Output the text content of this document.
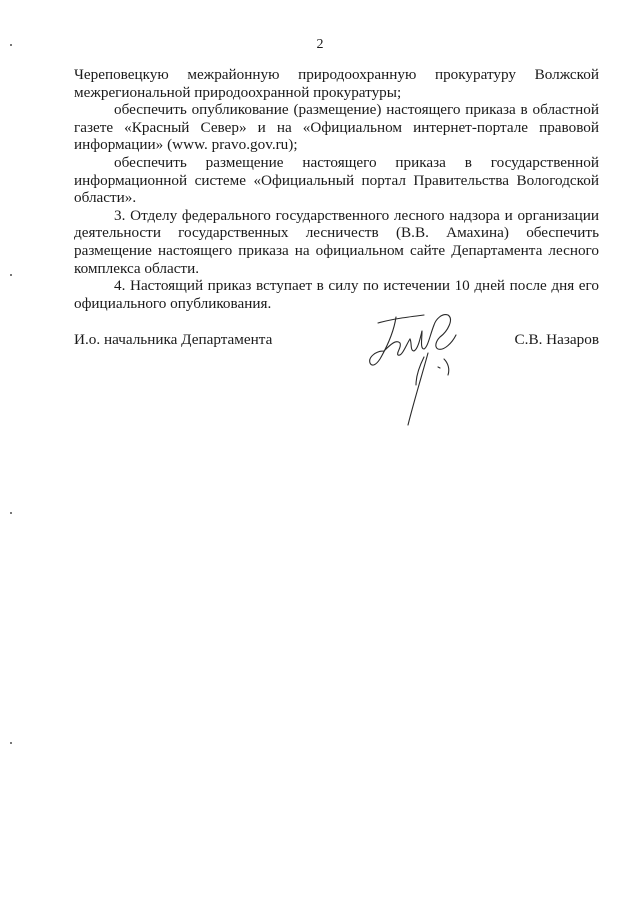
2

Череповецкую межрайонную природоохранную прокуратуру Волжской межрегиональной природоохранной прокуратуры;

обеспечить опубликование (размещение) настоящего приказа в областной газете «Красный Север» и на «Официальном интернет-портале правовой информации» (www. pravo.gov.ru);

обеспечить размещение настоящего приказа в государственной информационной системе «Официальный портал Правительства Вологодской области».

3. Отделу федерального государственного лесного надзора и организации деятельности государственных лесничеств (В.В. Амахина) обеспечить размещение настоящего приказа на официальном сайте Департамента лесного комплекса области.

4. Настоящий приказ вступает в силу по истечении 10 дней после дня его официального опубликования.

И.о. начальника Департамента	С.В. Назаров
